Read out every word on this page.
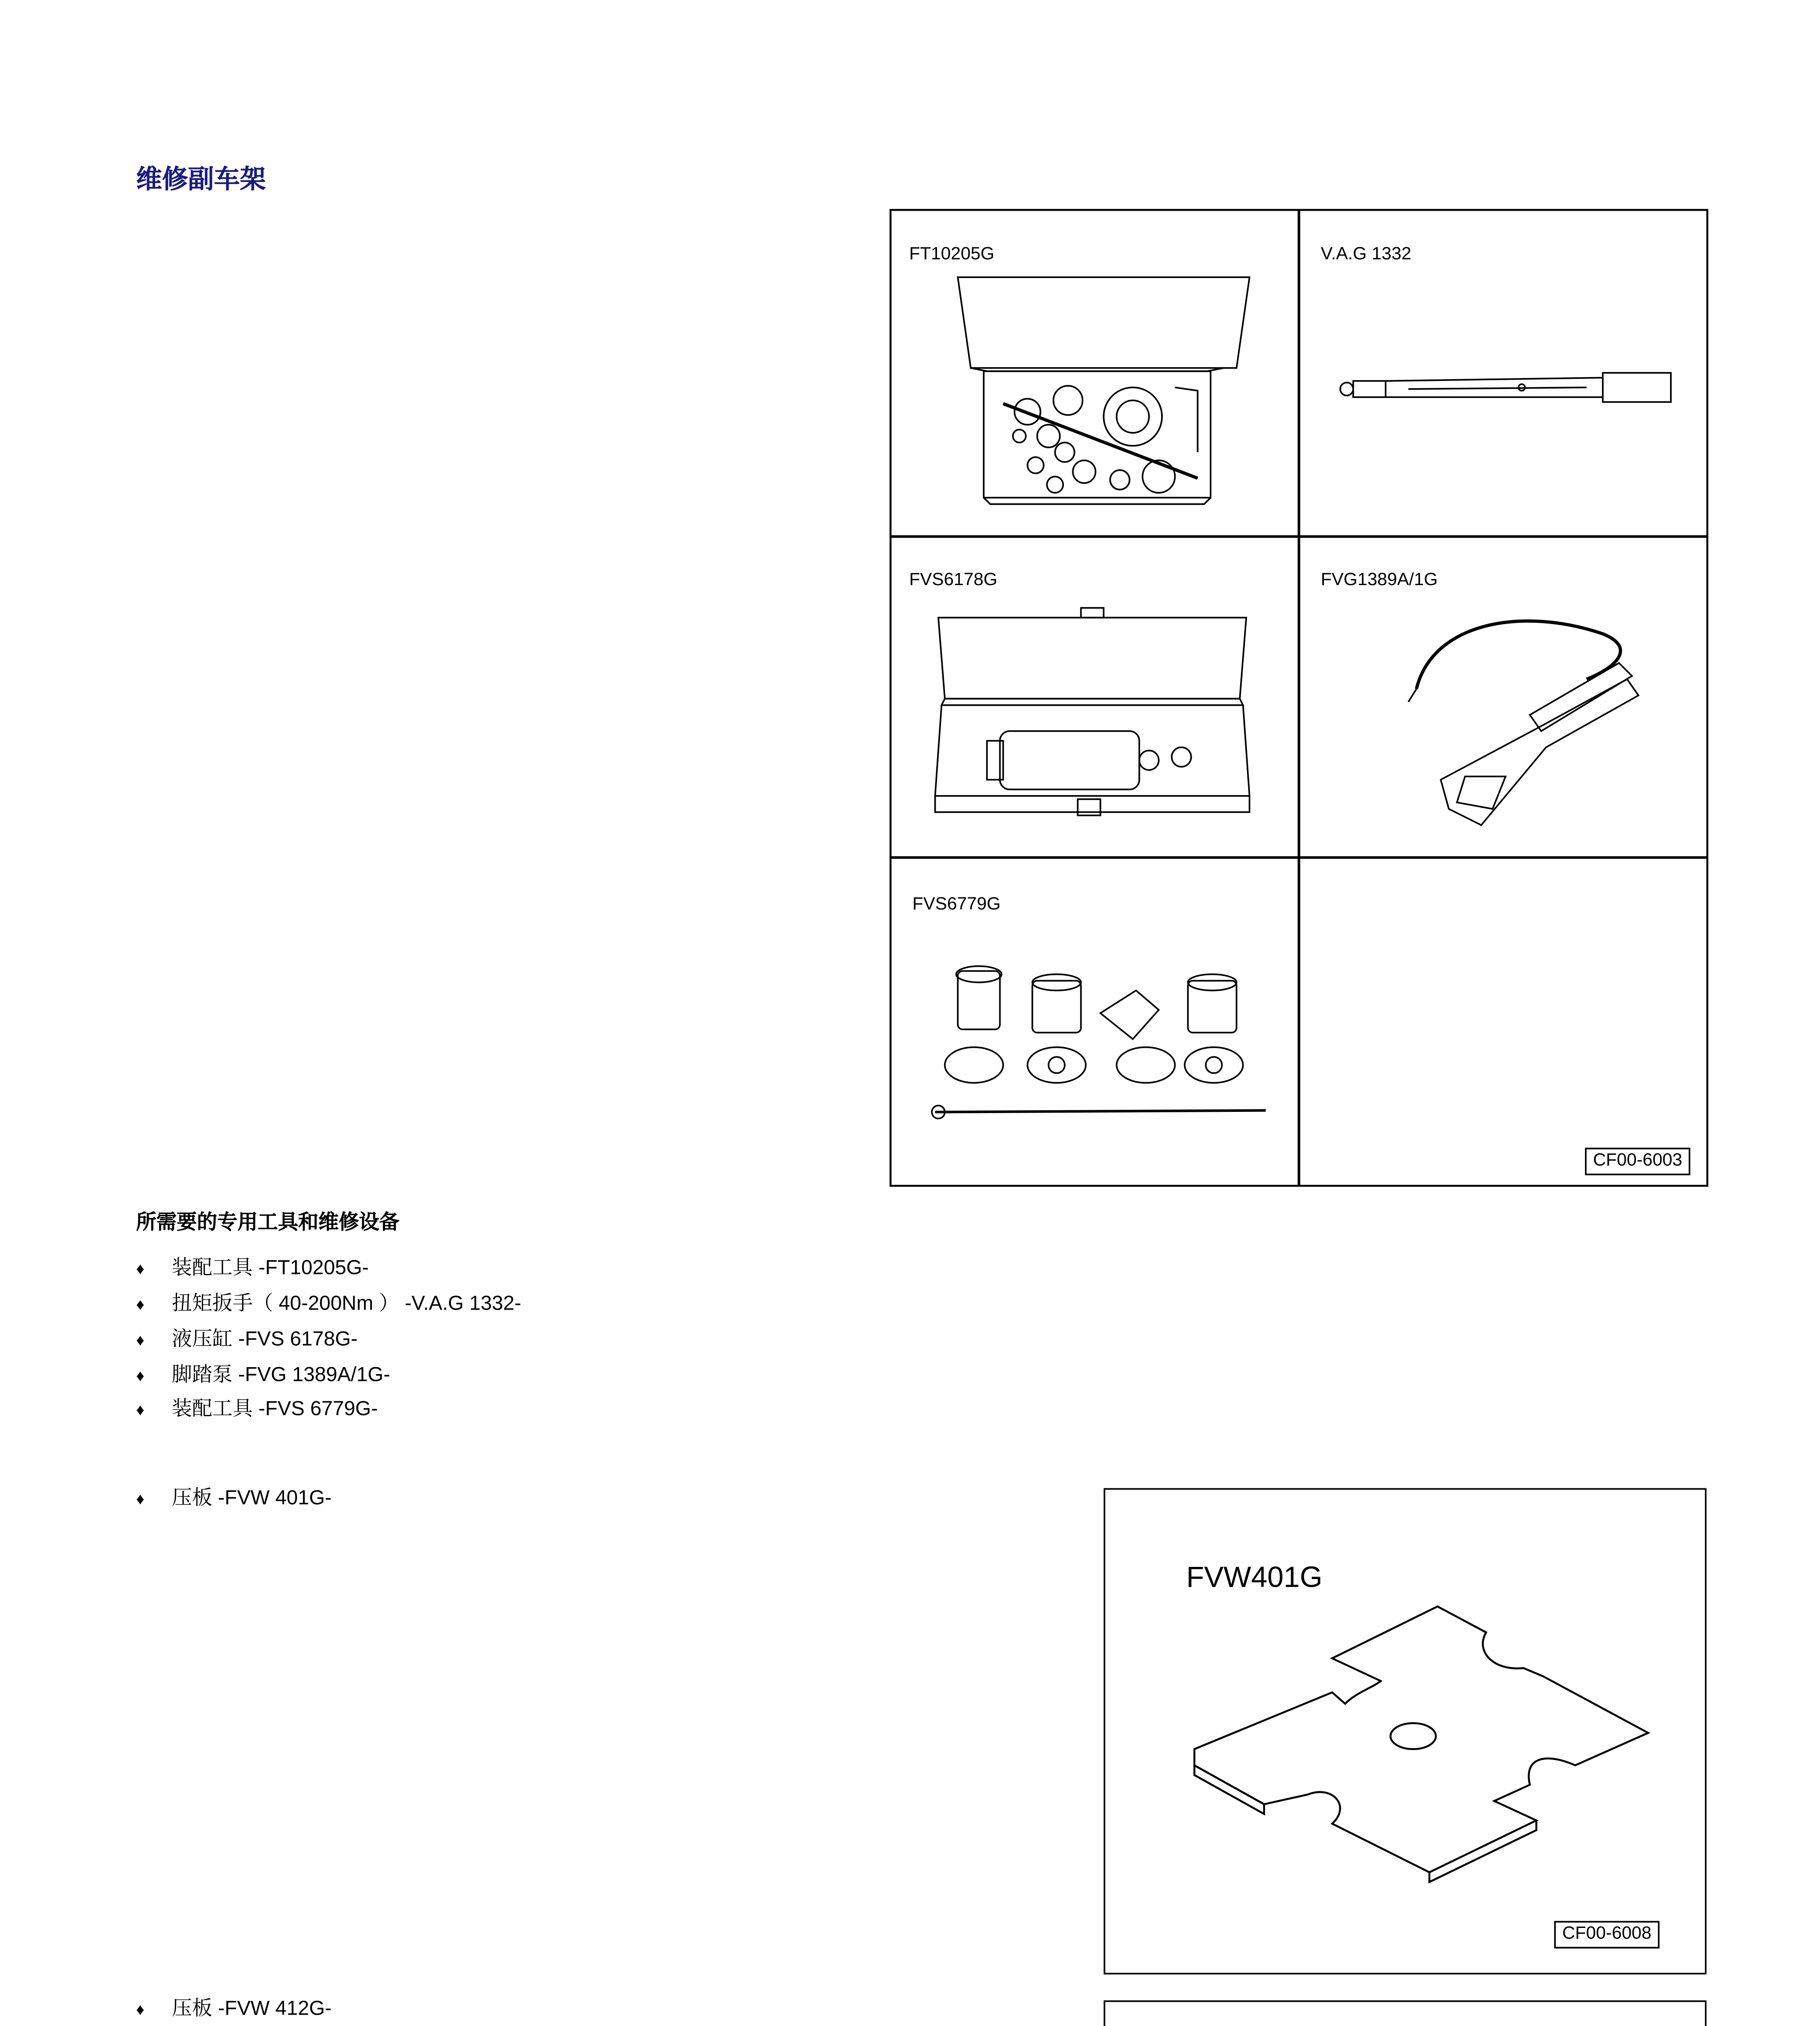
维修副车架
FT10205G	V.A.G 1332
FVS6178G	FVG1389A/1G
FVS6779G
CF00-6003
所需要的专用工具和维修设备
♦	装配工具 -FT10205G-
♦	扭矩扳手（ 40-200Nm ） -V.A.G 1332-
♦	液压缸 -FVS 6178G-
♦	脚踏泵 -FVG 1389A/1G-
♦	装配工具 -FVS 6779G-
♦	压板 -FVW 401G-
FVW401G
CF00-6008
♦	压板 -FVW 412G-
